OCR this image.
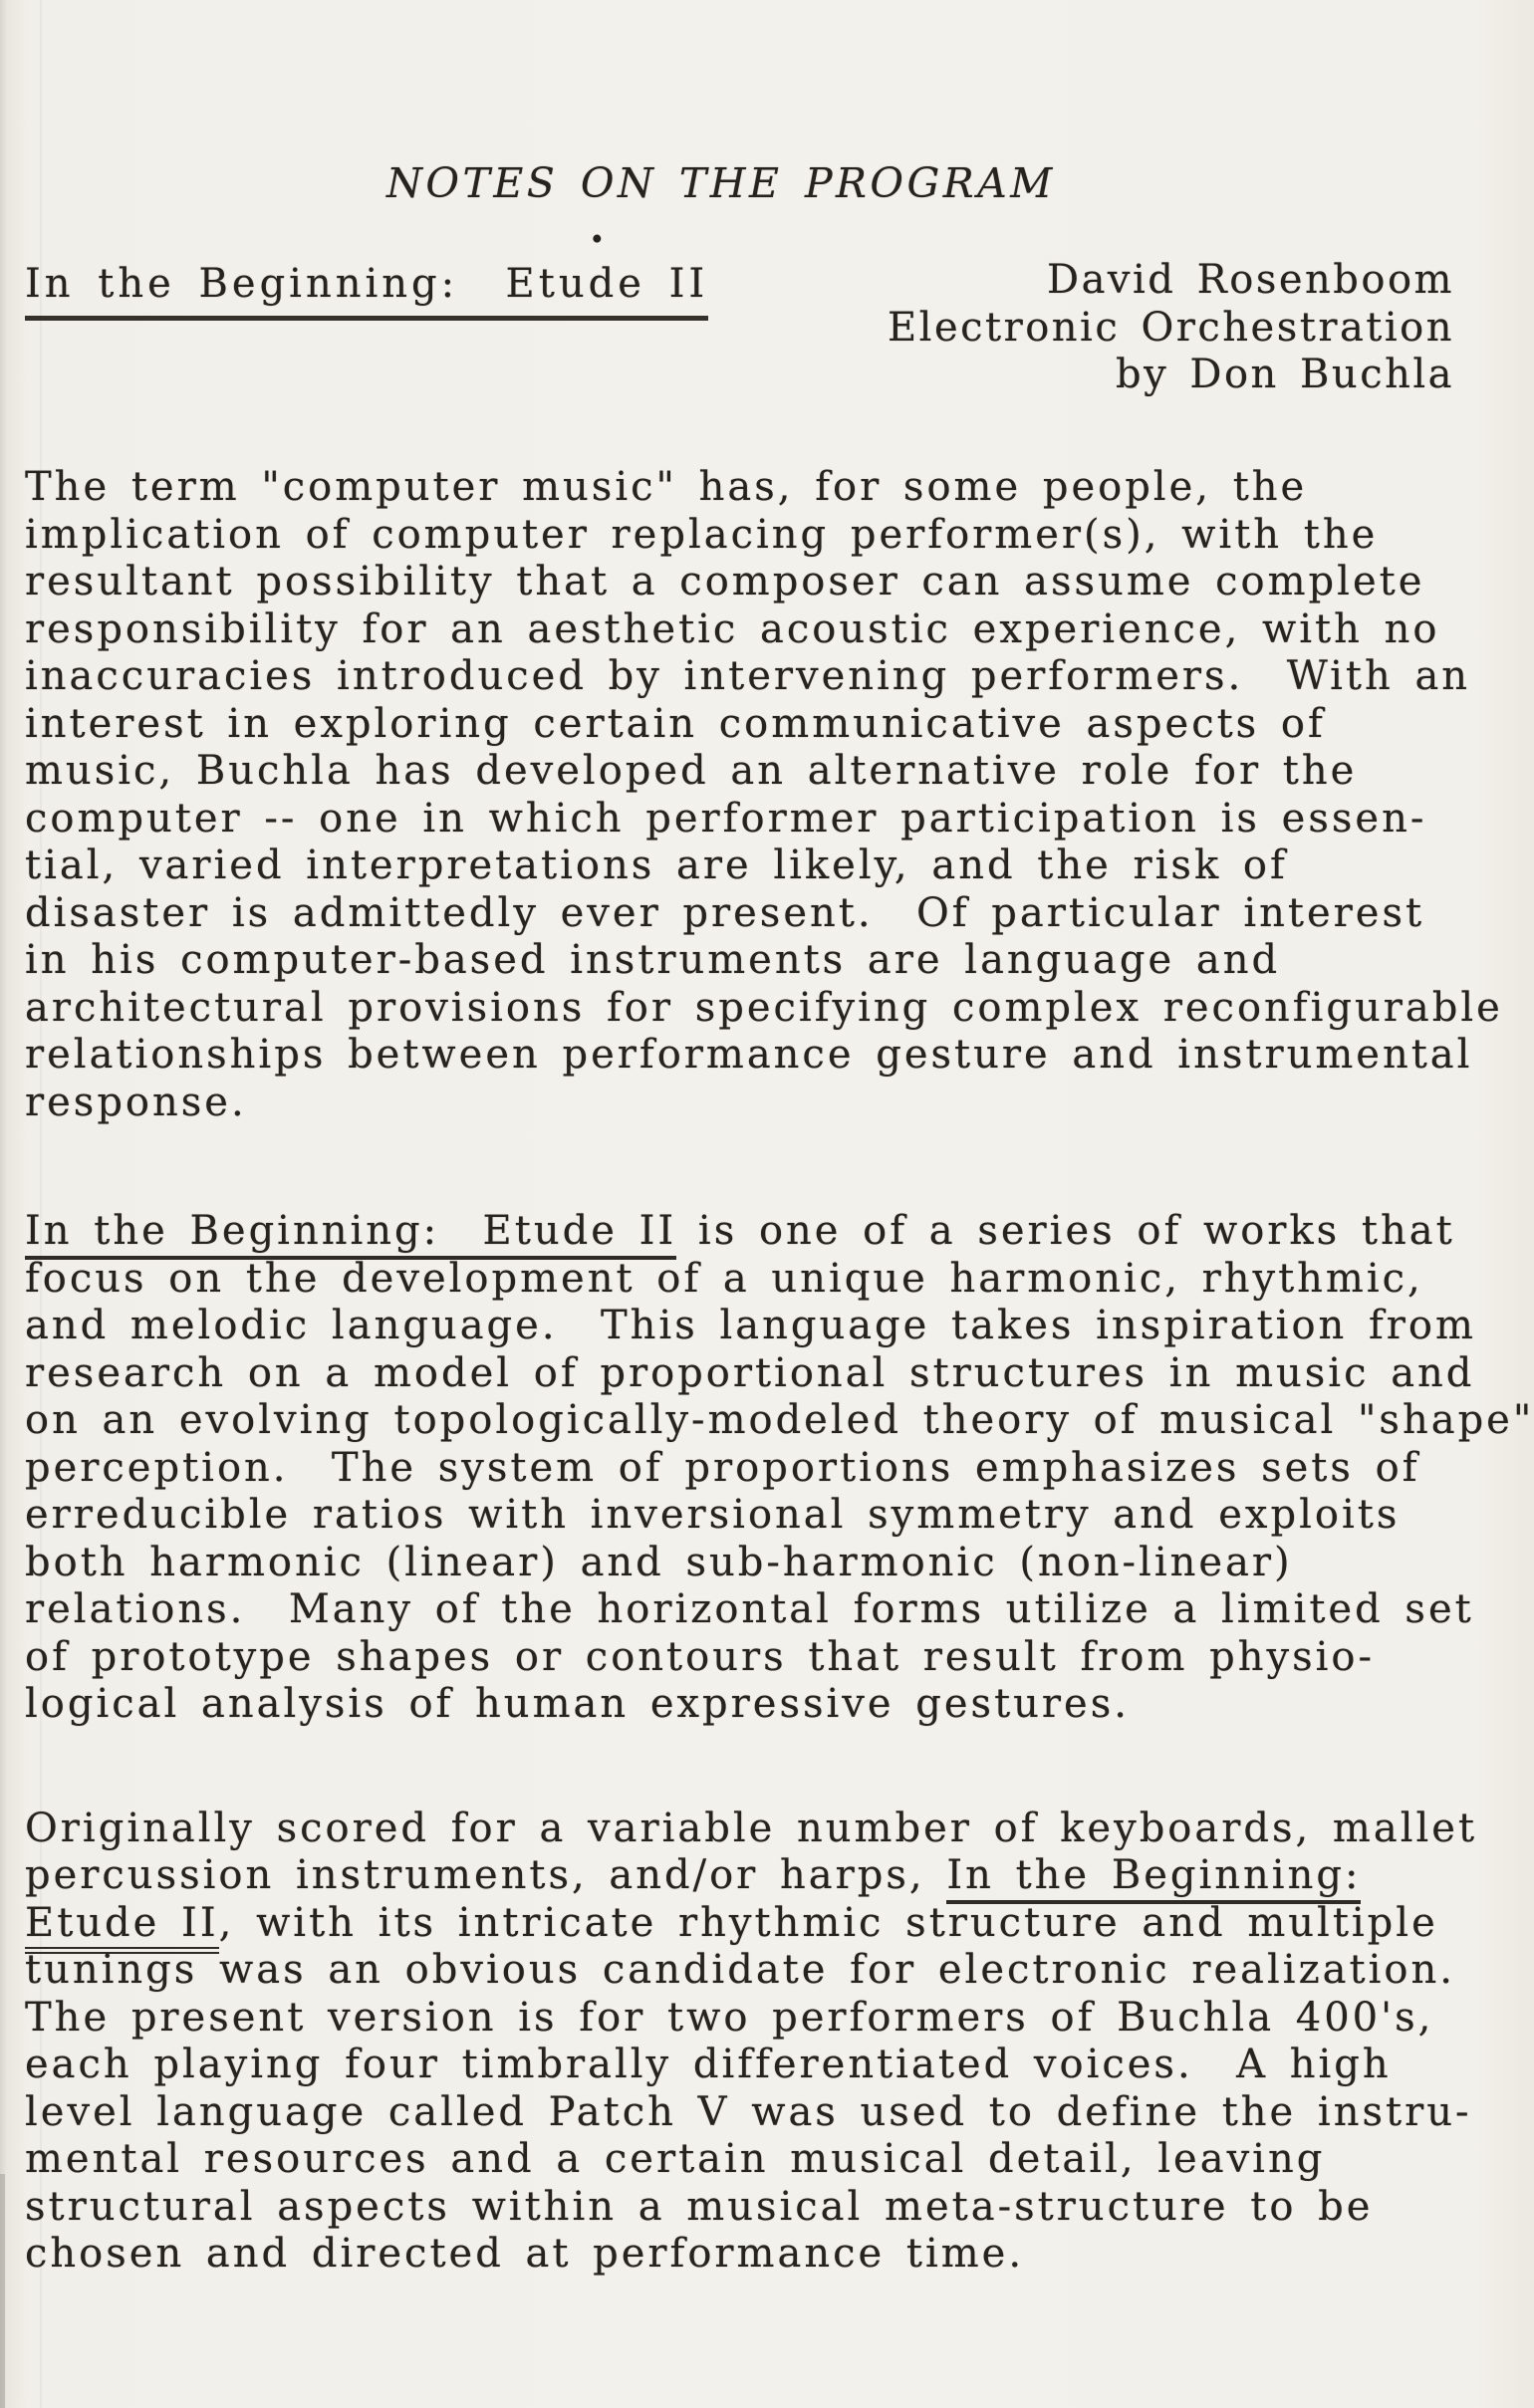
NOTES ON THE PROGRAM
.
In the Beginning:  Etude II	David Rosenboom
Electronic Orchestration
by Don Buchla
The term "computer music" has, for some people, the
implication of computer replacing performer(s), with the
resultant possibility that a composer can assume complete
responsibility for an aesthetic acoustic experience, with no
inaccuracies introduced by intervening performers.  With an
interest in exploring certain communicative aspects of
music, Buchla has developed an alternative role for the
computer -- one in which performer participation is essen-
tial, varied interpretations are likely, and the risk of
disaster is admittedly ever present.  Of particular interest
in his computer-based instruments are language and
architectural provisions for specifying complex reconfigurable
relationships between performance gesture and instrumental
response.
In the Beginning:  Etude II is one of a series of works that
focus on the development of a unique harmonic, rhythmic,
and melodic language.  This language takes inspiration from
research on a model of proportional structures in music and
on an evolving topologically-modeled theory of musical "shape"
perception.  The system of proportions emphasizes sets of
erreducible ratios with inversional symmetry and exploits
both harmonic (linear) and sub-harmonic (non-linear)
relations.  Many of the horizontal forms utilize a limited set
of prototype shapes or contours that result from physio-
logical analysis of human expressive gestures.
Originally scored for a variable number of keyboards, mallet
percussion instruments, and/or harps, In the Beginning:
Etude II, with its intricate rhythmic structure and multiple
tunings was an obvious candidate for electronic realization.
The present version is for two performers of Buchla 400's,
each playing four timbrally differentiated voices.  A high
level language called Patch V was used to define the instru-
mental resources and a certain musical detail, leaving
structural aspects within a musical meta-structure to be
chosen and directed at performance time.
